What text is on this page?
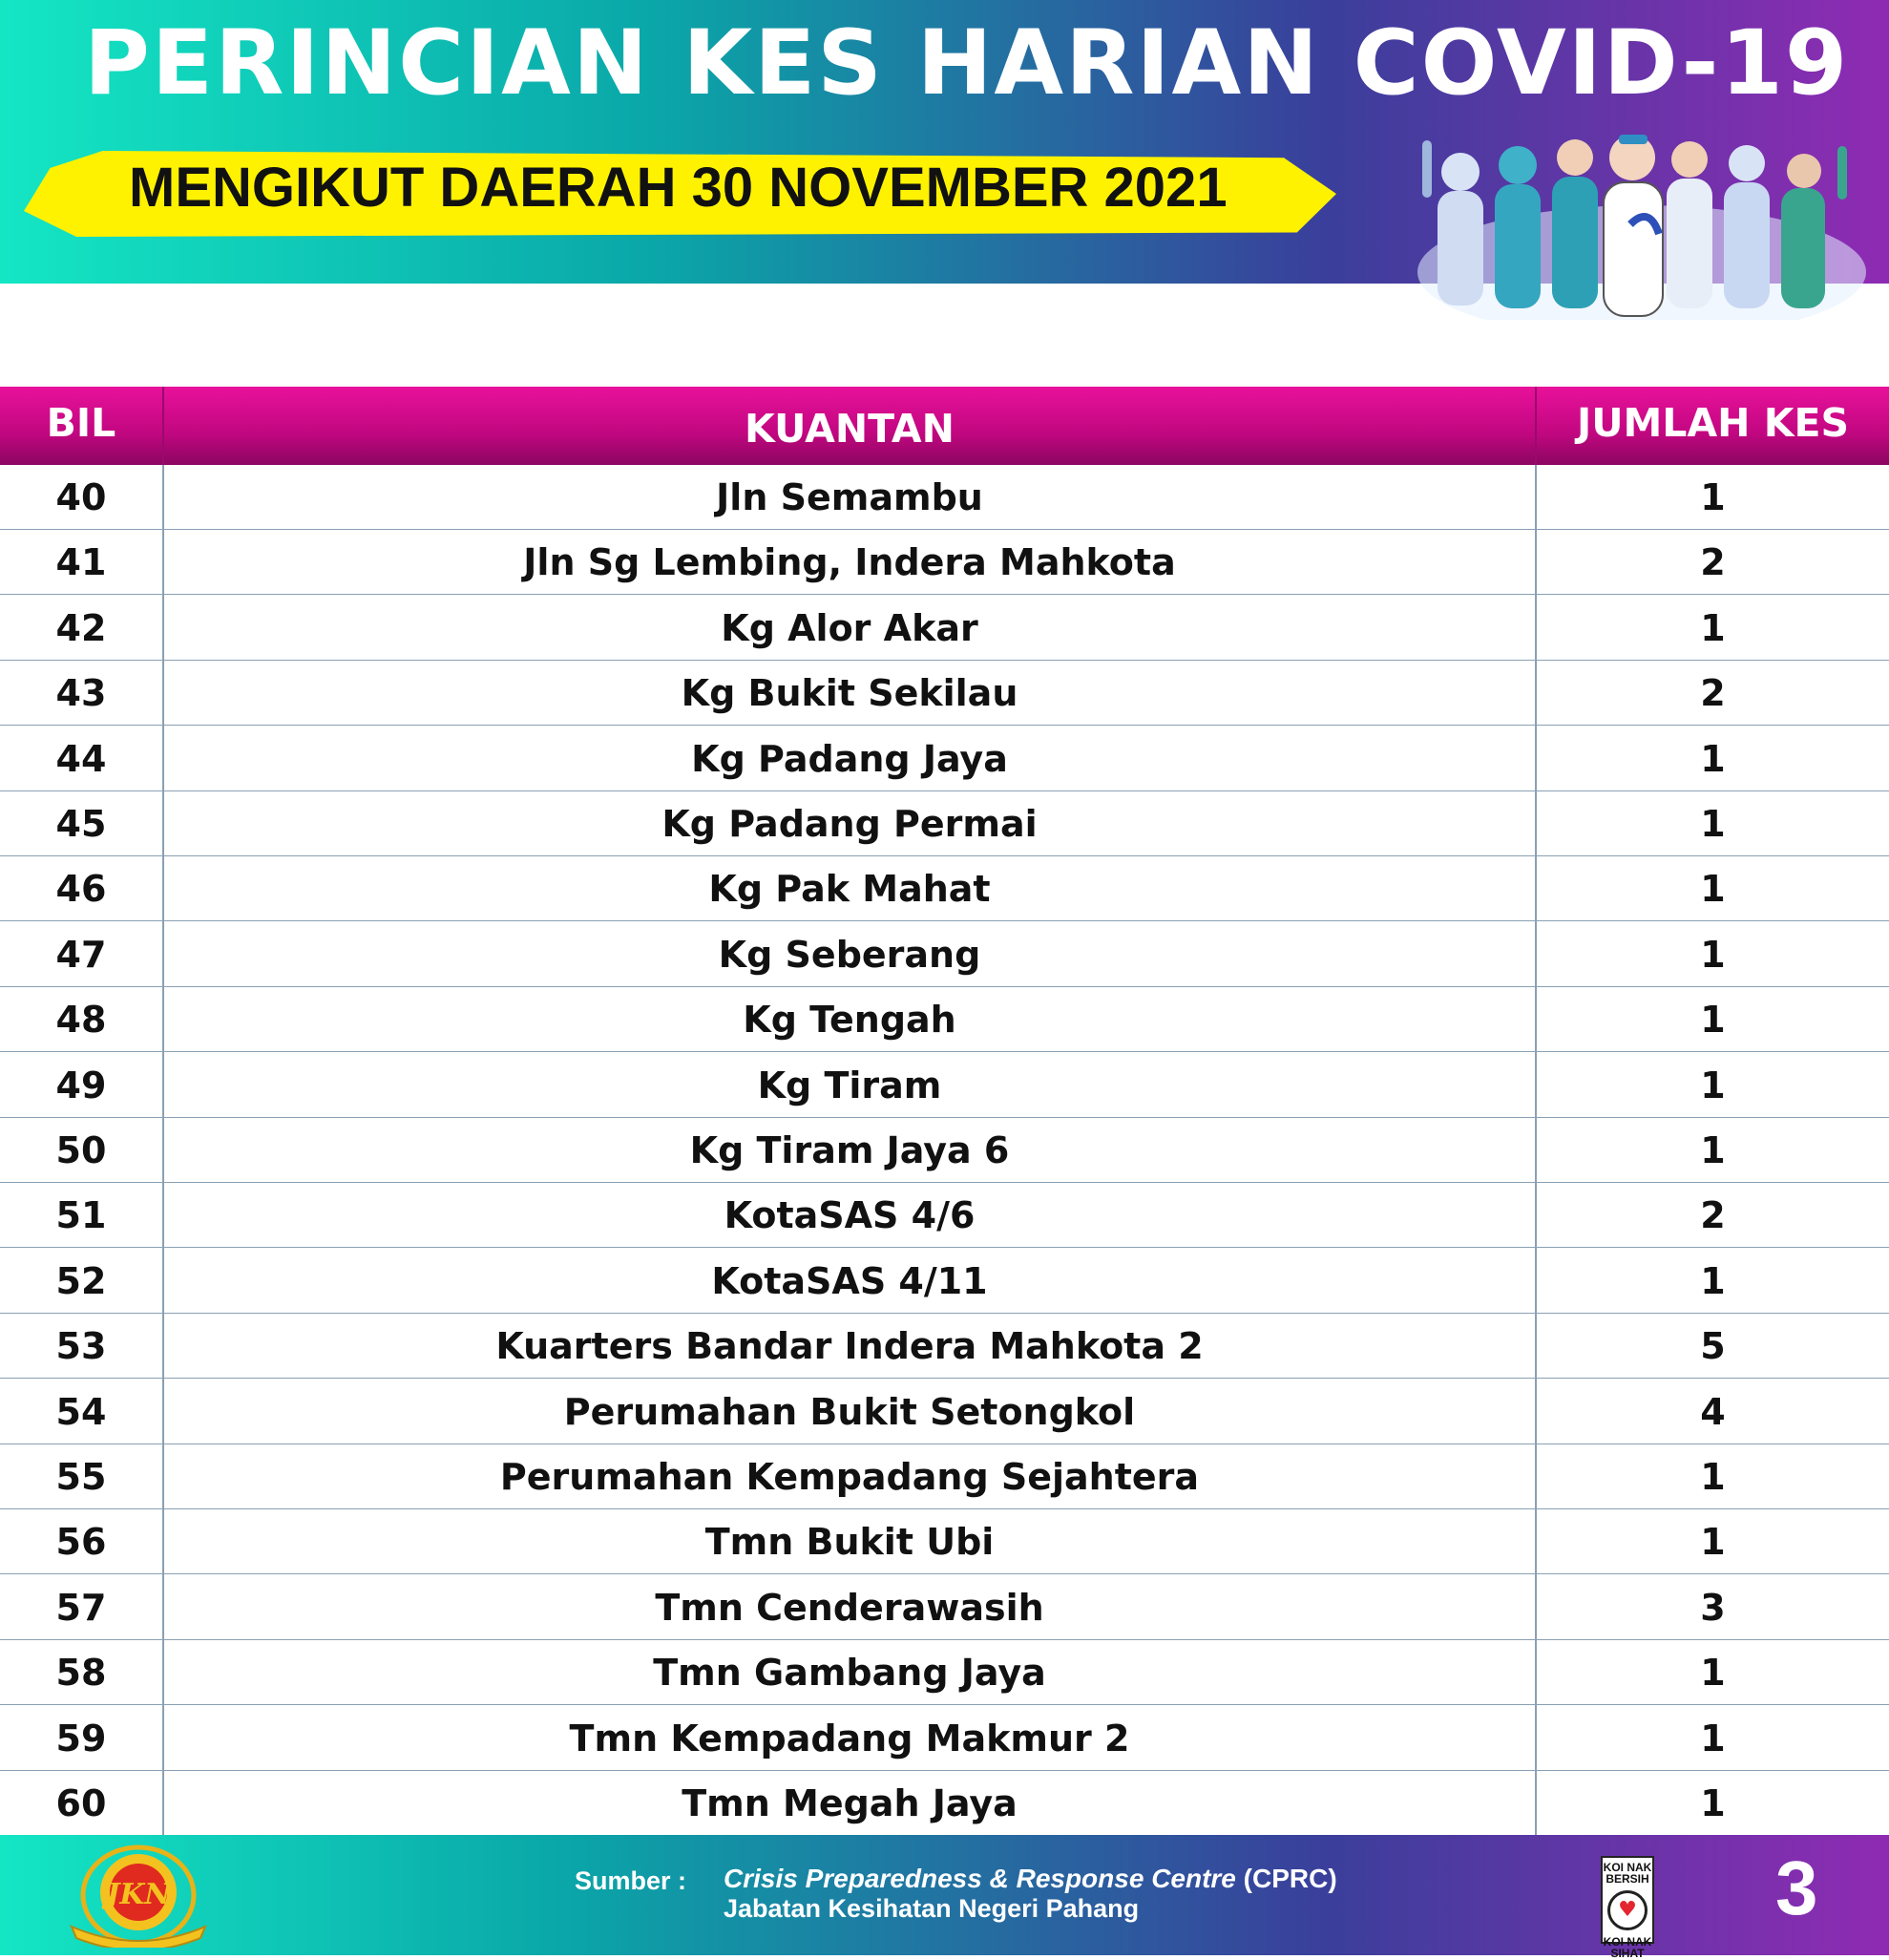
PERINCIAN KES HARIAN COVID-19
MENGIKUT DAERAH 30 NOVEMBER 2021
BIL	KUANTAN	JUMLAH KES
40	Jln Semambu	1
41	Jln Sg Lembing, Indera Mahkota	2
42	Kg Alor Akar	1
43	Kg Bukit Sekilau	2
44	Kg Padang Jaya	1
45	Kg Padang Permai	1
46	Kg Pak Mahat	1
47	Kg Seberang	1
48	Kg Tengah	1
49	Kg Tiram	1
50	Kg Tiram Jaya 6	1
51	KotaSAS 4/6	2
52	KotaSAS 4/11	1
53	Kuarters Bandar Indera Mahkota 2	5
54	Perumahan Bukit Setongkol	4
55	Perumahan Kempadang Sejahtera	1
56	Tmn Bukit Ubi	1
57	Tmn Cenderawasih	3
58	Tmn Gambang Jaya	1
59	Tmn Kempadang Makmur 2	1
60	Tmn Megah Jaya	1
JKN	Sumber : Crisis Preparedness & Response Centre (CPRC)
Jabatan Kesihatan Negeri Pahang
KOI NAK BERSIH
♥
KOI NAK SIHAT
3
